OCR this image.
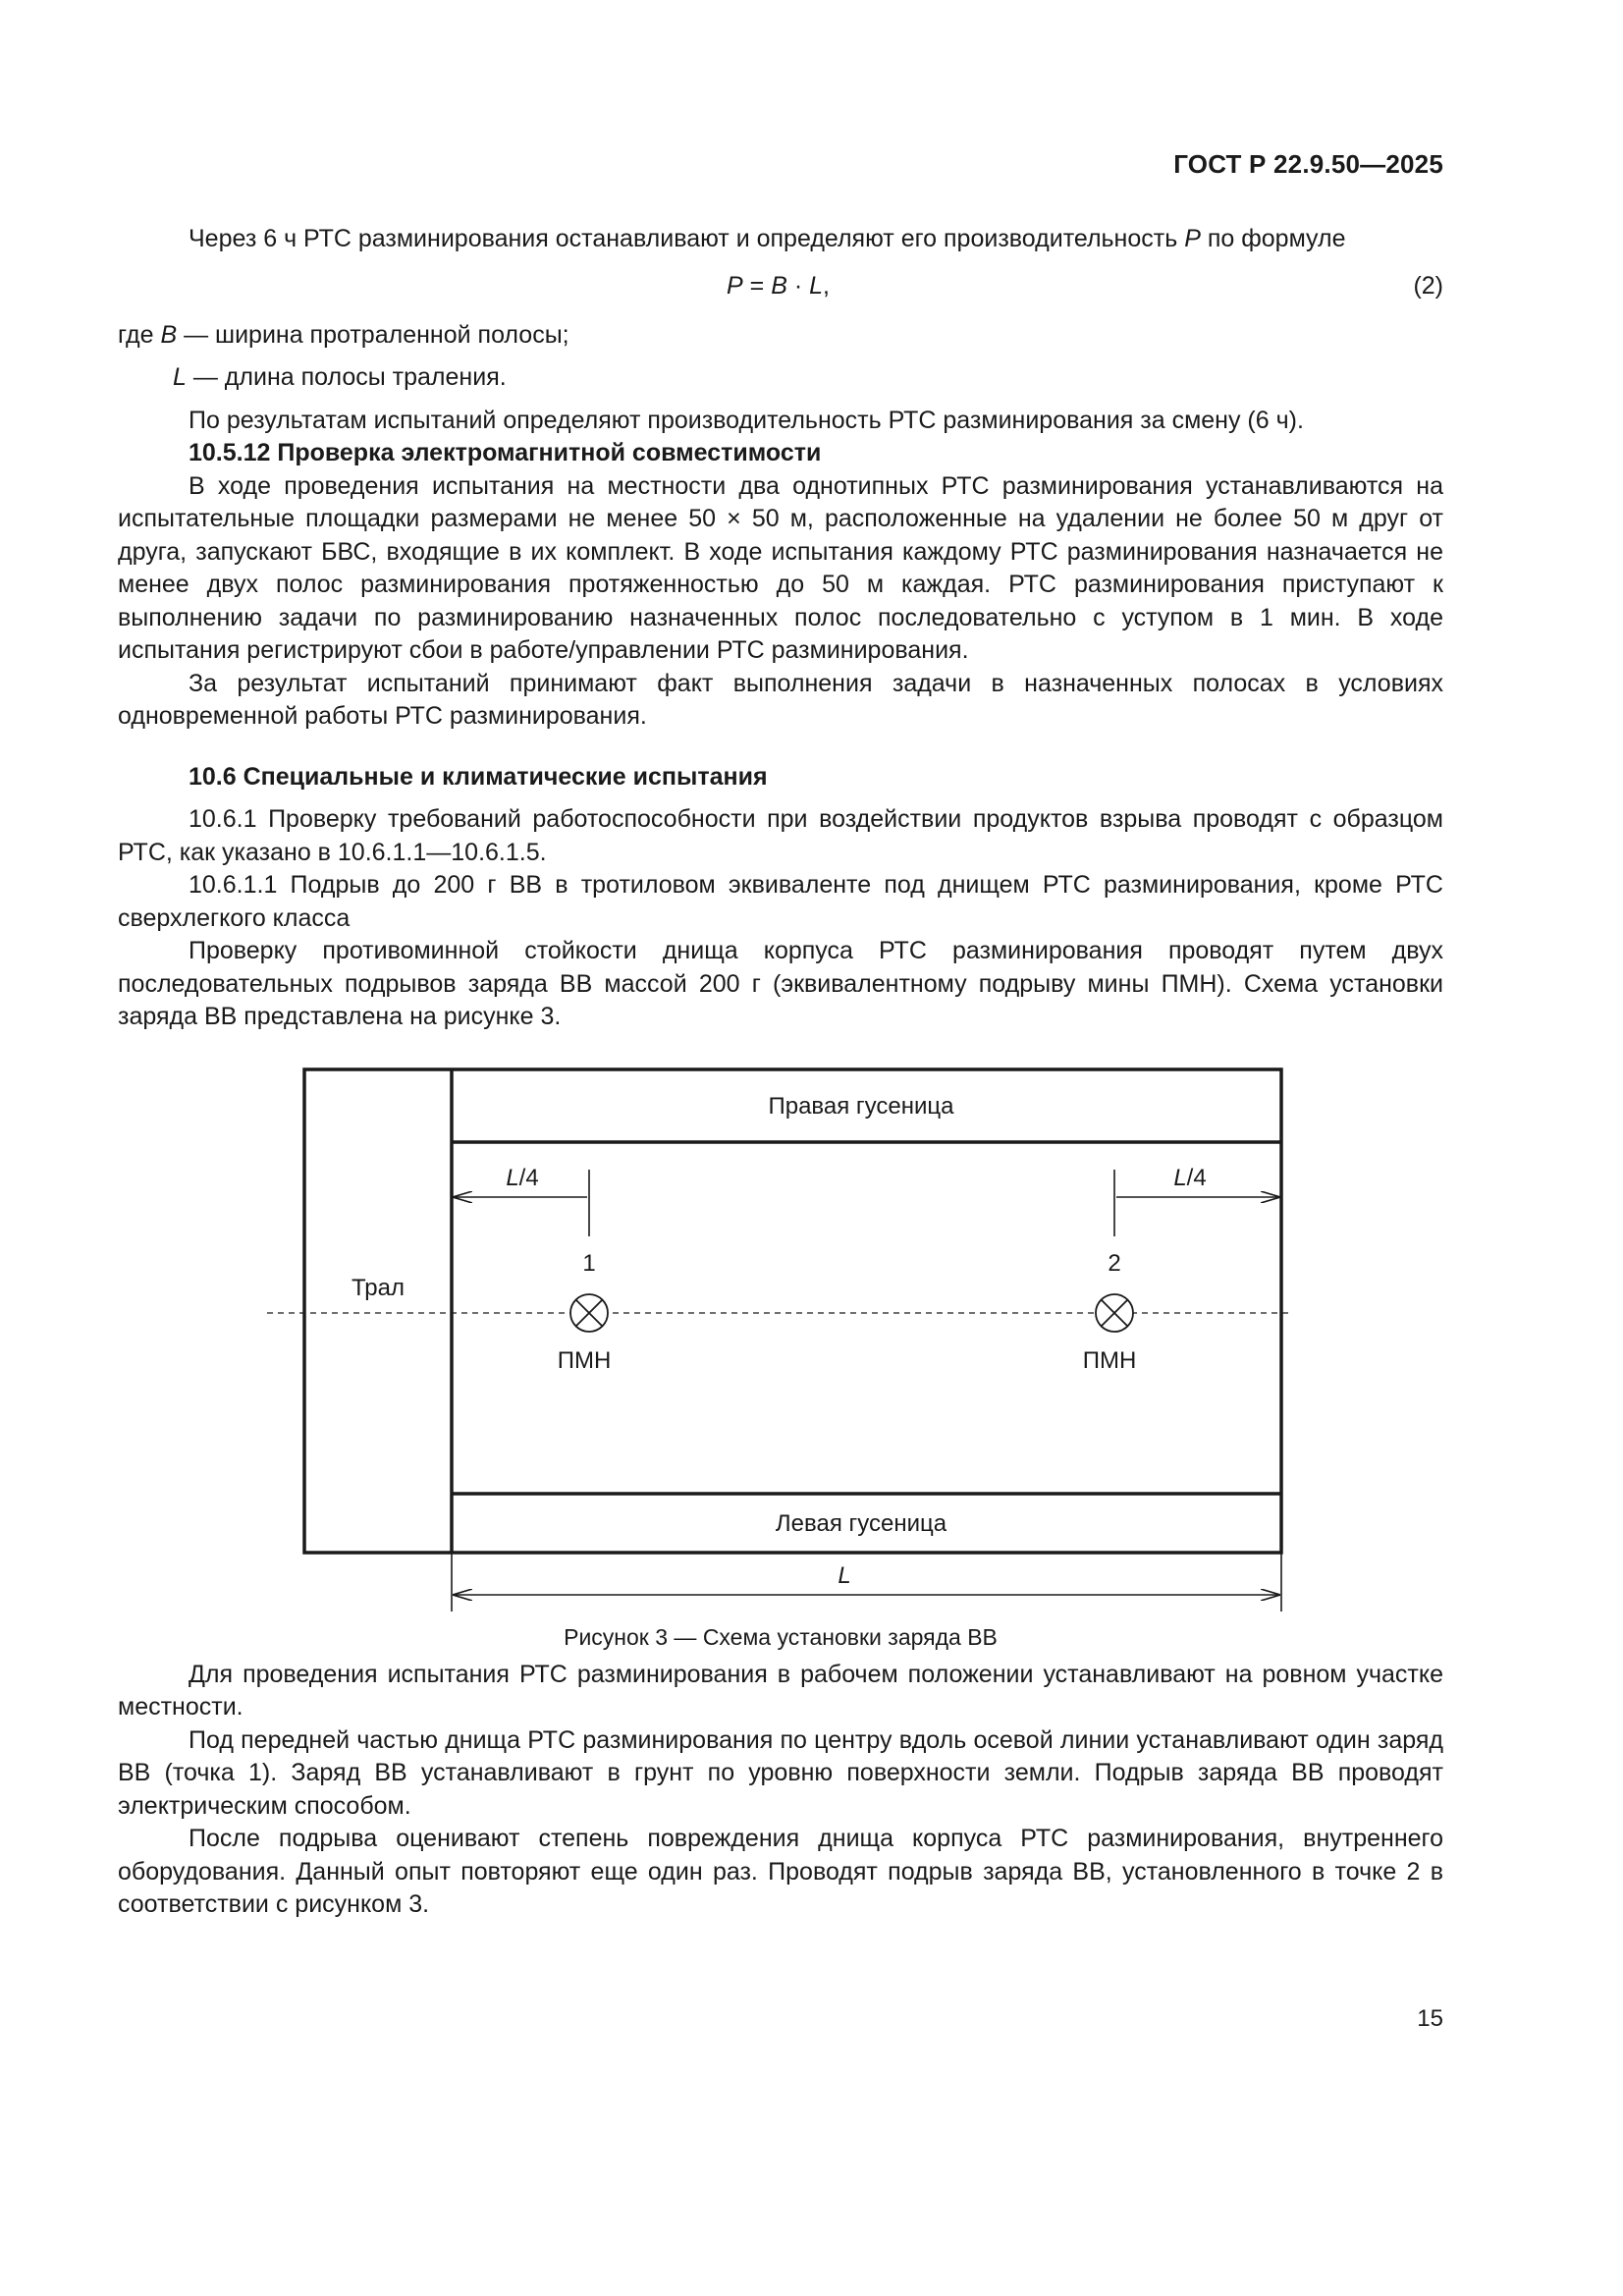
ГОСТ Р 22.9.50—2025

Через 6 ч РТС разминирования останавливают и определяют его производительность P по формуле

P = B · L,	(2)

где B — ширина протраленной полосы;

L — длина полосы траления.

По результатам испытаний определяют производительность РТС разминирования за смену (6 ч).

10.5.12 Проверка электромагнитной совместимости

В ходе проведения испытания на местности два однотипных РТС разминирования устанавливаются на испытательные площадки размерами не менее 50 × 50 м, расположенные на удалении не более 50 м друг от друга, запускают БВС, входящие в их комплект. В ходе испытания каждому РТС разминирования назначается не менее двух полос разминирования протяженностью до 50 м каждая. РТС разминирования приступают к выполнению задачи по разминированию назначенных полос последовательно с уступом в 1 мин. В ходе испытания регистрируют сбои в работе/управлении РТС разминирования.

За результат испытаний принимают факт выполнения задачи в назначенных полосах в условиях одновременной работы РТС разминирования.

10.6 Специальные и климатические испытания

10.6.1 Проверку требований работоспособности при воздействии продуктов взрыва проводят с образцом РТС, как указано в 10.6.1.1—10.6.1.5.

10.6.1.1 Подрыв до 200 г ВВ в тротиловом эквиваленте под днищем РТС разминирования, кроме РТС сверхлегкого класса

Проверку противоминной стойкости днища корпуса РТС разминирования проводят путем двух последовательных подрывов заряда ВВ массой 200 г (эквивалентному подрыву мины ПМН). Схема установки заряда ВВ представлена на рисунке 3.

Правая гусеница
Левая гусеница
Трал
L/4	L/4
1
ПМН
2
ПМН
L
Рисунок 3 — Схема установки заряда ВВ

Для проведения испытания РТС разминирования в рабочем положении устанавливают на ровном участке местности.

Под передней частью днища РТС разминирования по центру вдоль осевой линии устанавливают один заряд ВВ (точка 1). Заряд ВВ устанавливают в грунт по уровню поверхности земли. Подрыв заряда ВВ проводят электрическим способом.

После подрыва оценивают степень повреждения днища корпуса РТС разминирования, внутреннего оборудования. Данный опыт повторяют еще один раз. Проводят подрыв заряда ВВ, установленного в точке 2 в соответствии с рисунком 3.

15
